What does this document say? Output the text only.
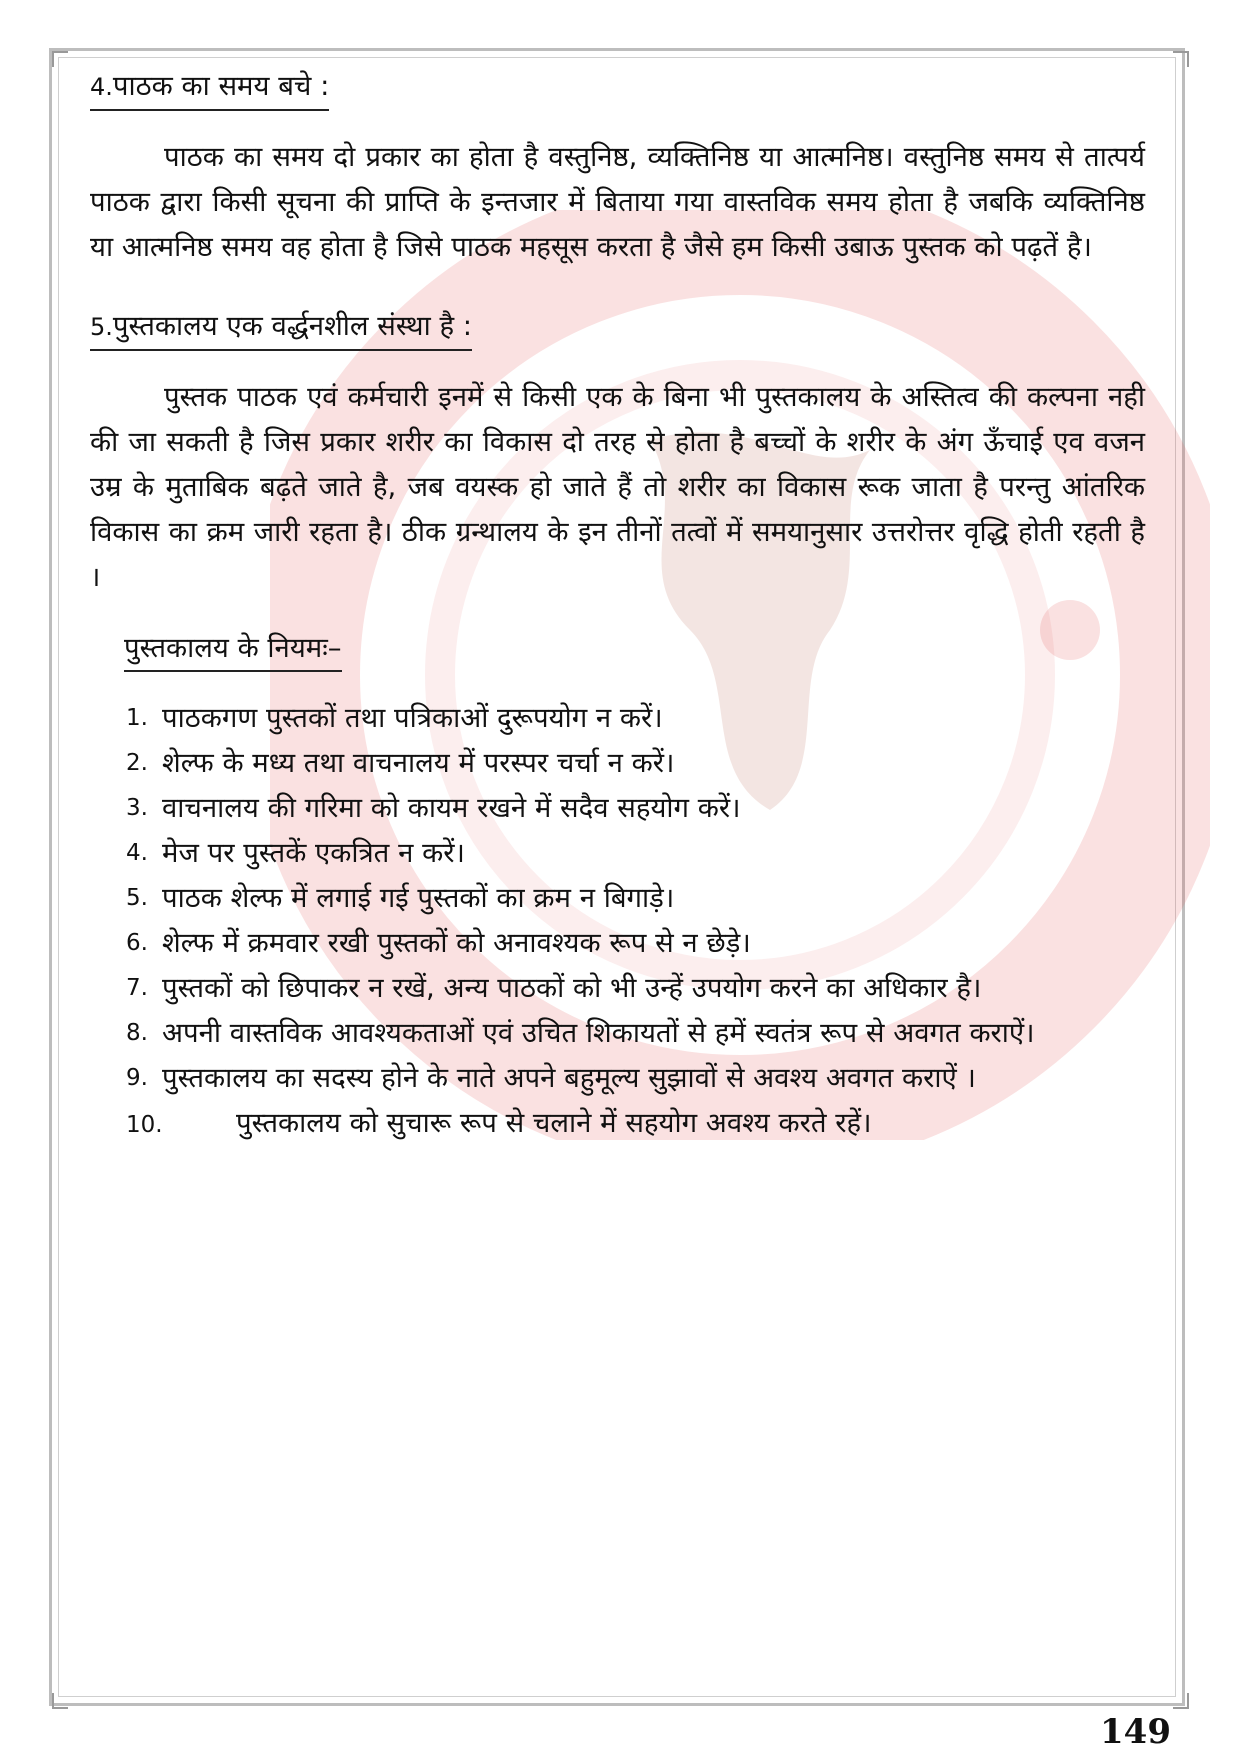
4.पाठक का समय बचे :

पाठक का समय दो प्रकार का होता है वस्तुनिष्ठ, व्यक्तिनिष्ठ या आत्मनिष्ठ। वस्तुनिष्ठ समय से तात्पर्य पाठक द्वारा किसी सूचना की प्राप्ति के इन्तजार में बिताया गया वास्तविक समय होता है जबकि व्यक्तिनिष्ठ या आत्मनिष्ठ समय वह होता है जिसे पाठक महसूस करता है जैसे हम किसी उबाऊ पुस्तक को पढ़तें है।

5.पुस्तकालय एक वर्द्धनशील संस्था है :

पुस्तक पाठक एवं कर्मचारी इनमें से किसी एक के बिना भी पुस्तकालय के अस्तित्व की कल्पना नही की जा सकती है जिस प्रकार शरीर का विकास दो तरह से होता है बच्चों के शरीर के अंग ऊँचाई एव वजन उम्र के मुताबिक बढ़ते जाते है, जब वयस्क हो जाते हैं तो शरीर का विकास रूक जाता है परन्तु आंतरिक विकास का क्रम जारी रहता है। ठीक ग्रन्थालय के इन तीनों तत्वों में समयानुसार उत्तरोत्तर वृद्धि होती रहती है ।

पुस्तकालय के नियमः–
1. पाठकगण पुस्तकों तथा पत्रिकाओं दुरूपयोग न करें।
2. शेल्फ के मध्य तथा वाचनालय में परस्पर चर्चा न करें।
3. वाचनालय की गरिमा को कायम रखने में सदैव सहयोग करें।
4. मेज पर पुस्तकें एकत्रित न करें।
5. पाठक शेल्फ में लगाई गई पुस्तकों का क्रम न बिगाड़े।
6. शेल्फ में क्रमवार रखी पुस्तकों को अनावश्यक रूप से न छेड़े।
7. पुस्तकों को छिपाकर न रखें, अन्य पाठकों को भी उन्हें उपयोग करने का अधिकार है।
8. अपनी वास्तविक आवश्यकताओं एवं उचित शिकायतों से हमें स्वतंत्र रूप से अवगत कराऐं।
9. पुस्तकालय का सदस्य होने के नाते अपने बहुमूल्य सुझावों से अवश्य अवगत कराऐं ।
10.	पुस्तकालय को सुचारू रूप से चलाने में सहयोग अवश्य करते रहें।
149
